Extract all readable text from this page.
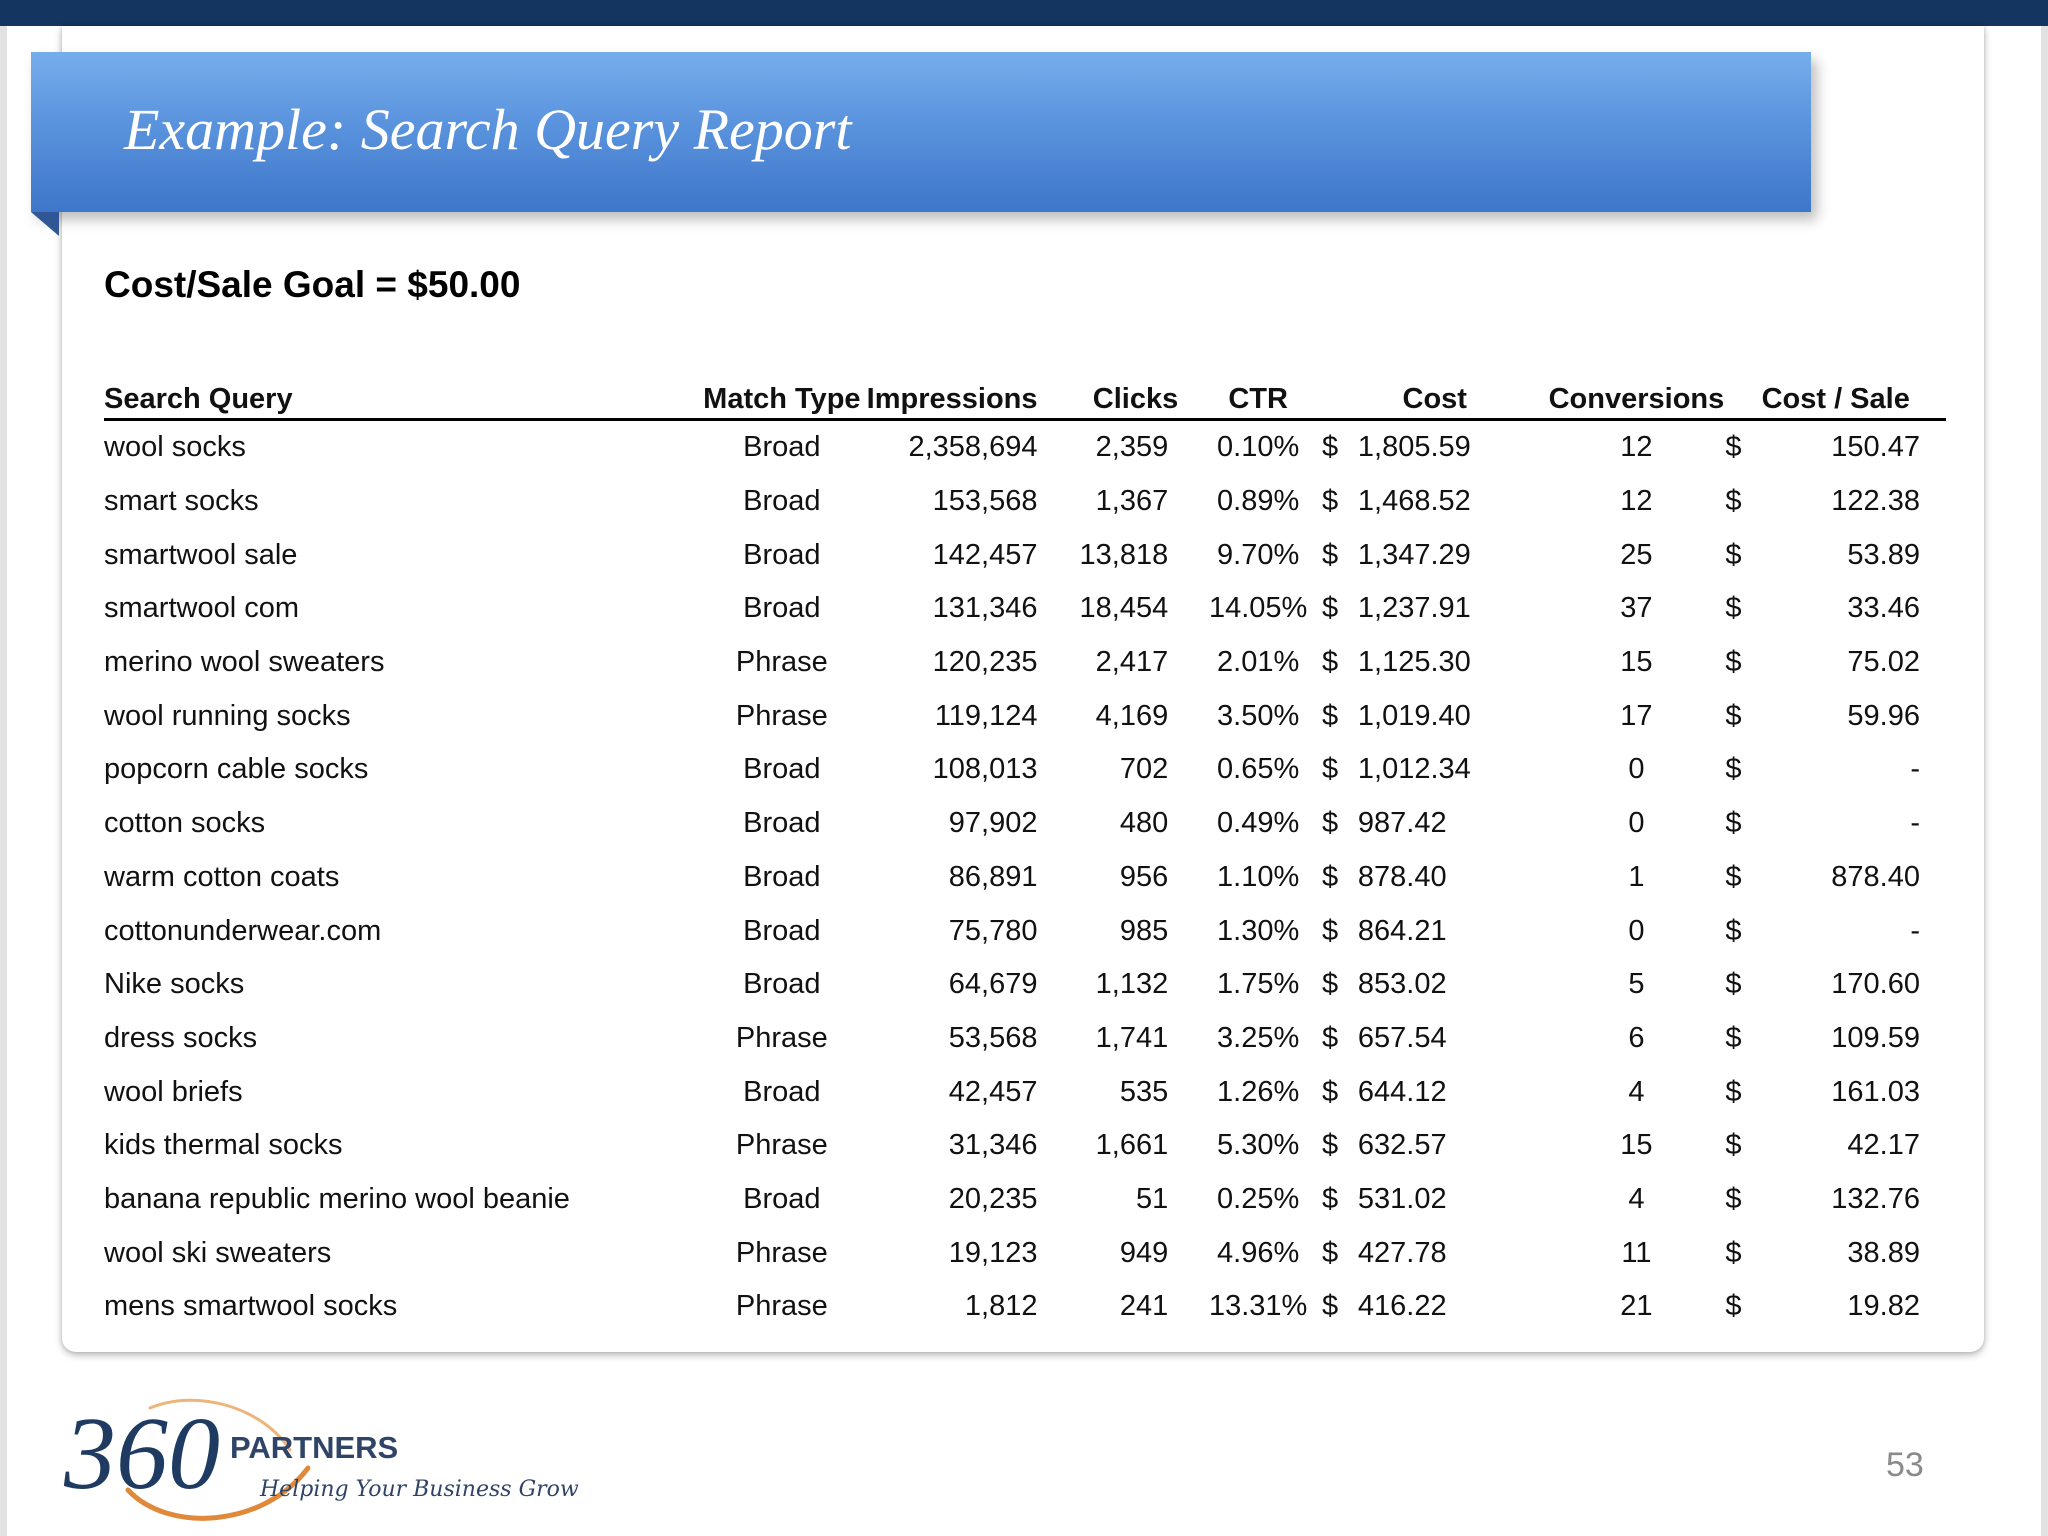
Example: Search Query Report

Cost/Sale Goal = $50.00

Search Query	Match Type	Impressions	Clicks	CTR	Cost		Conversions	Cost / Sale	
wool socks	Broad	2,358,694	2,359	0.10%	$	1,805.59	12	$	150.47
smart socks	Broad	153,568	1,367	0.89%	$	1,468.52	12	$	122.38
smartwool sale	Broad	142,457	13,818	9.70%	$	1,347.29	25	$	53.89
smartwool com	Broad	131,346	18,454	14.05%	$	1,237.91	37	$	33.46
merino wool sweaters	Phrase	120,235	2,417	2.01%	$	1,125.30	15	$	75.02
wool running socks	Phrase	119,124	4,169	3.50%	$	1,019.40	17	$	59.96
popcorn cable socks	Broad	108,013	702	0.65%	$	1,012.34	0	$	-
cotton socks	Broad	97,902	480	0.49%	$	987.42	0	$	-
warm cotton coats	Broad	86,891	956	1.10%	$	878.40	1	$	878.40
cottonunderwear.com	Broad	75,780	985	1.30%	$	864.21	0	$	-
Nike socks	Broad	64,679	1,132	1.75%	$	853.02	5	$	170.60
dress socks	Phrase	53,568	1,741	3.25%	$	657.54	6	$	109.59
wool briefs	Broad	42,457	535	1.26%	$	644.12	4	$	161.03
kids thermal socks	Phrase	31,346	1,661	5.30%	$	632.57	15	$	42.17
banana republic merino wool beanie	Broad	20,235	51	0.25%	$	531.02	4	$	132.76
wool ski sweaters	Phrase	19,123	949	4.96%	$	427.78	11	$	38.89
mens smartwool socks	Phrase	1,812	241	13.31%	$	416.22	21	$	19.82
360 PARTNERS
Helping Your Business Grow
53
